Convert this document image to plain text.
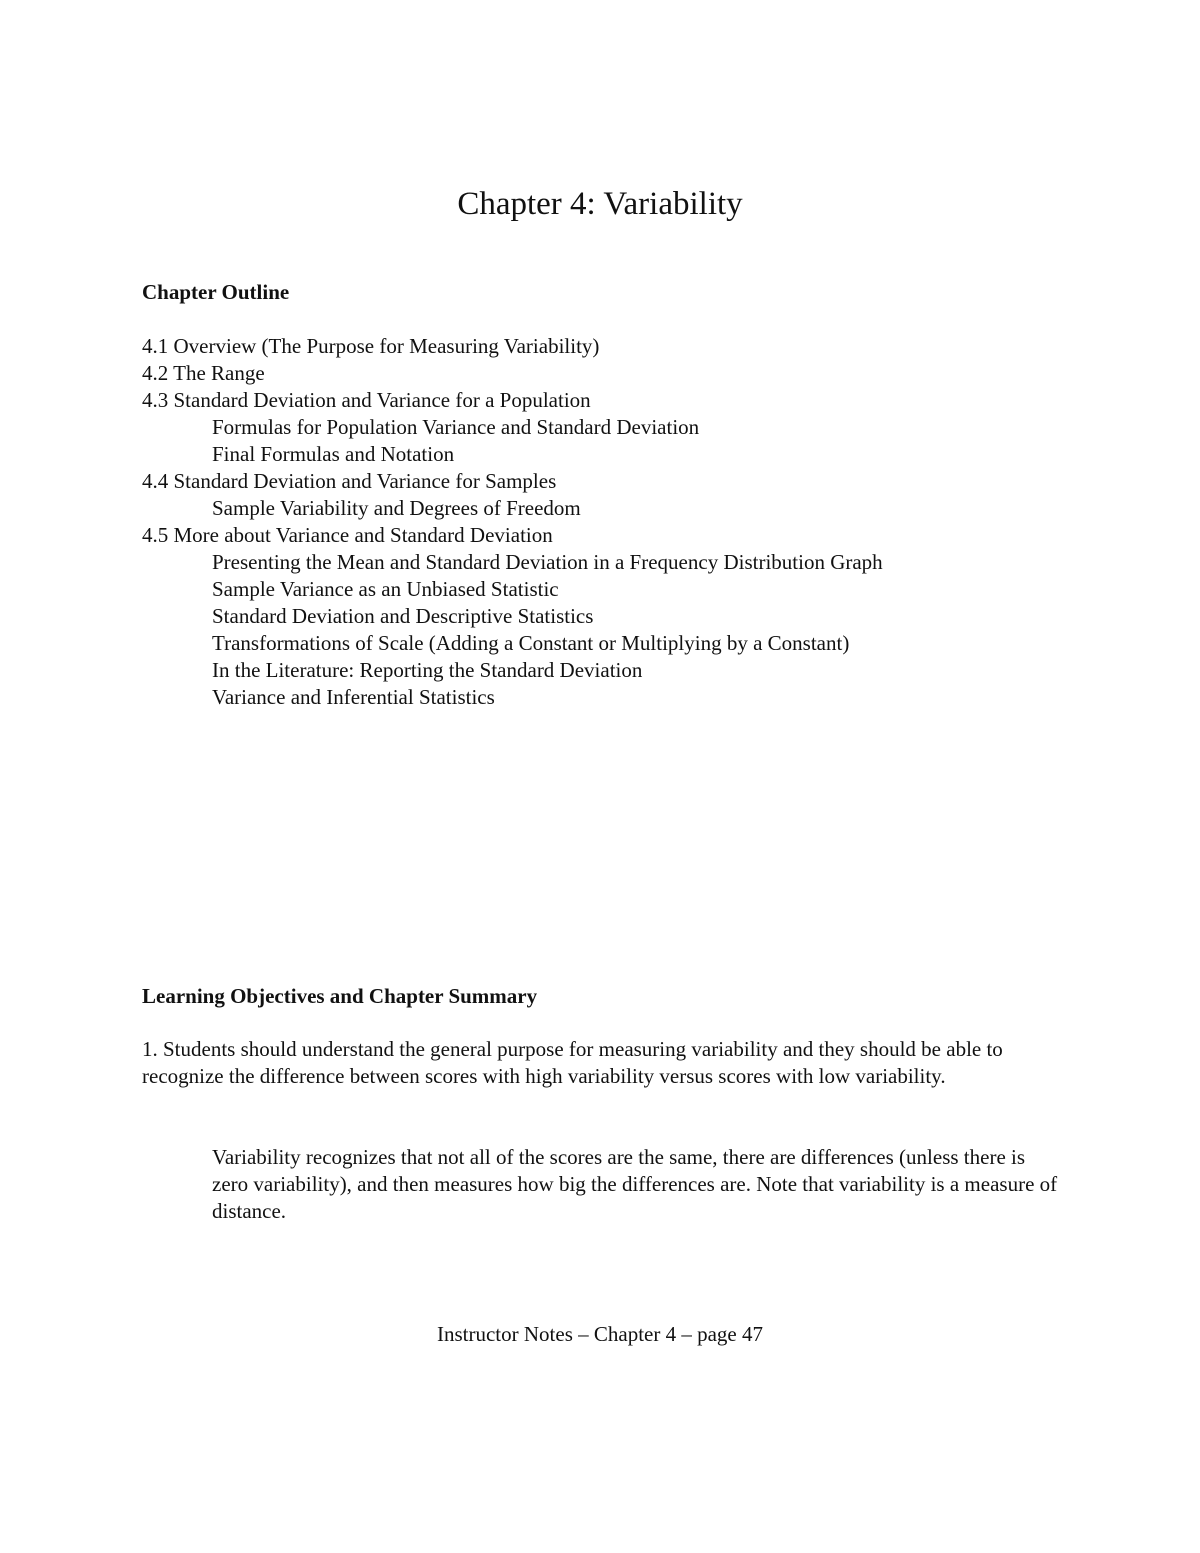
Chapter 4: Variability
Chapter Outline
4.1 Overview (The Purpose for Measuring Variability)
4.2 The Range
4.3 Standard Deviation and Variance for a Population
Formulas for Population Variance and Standard Deviation
Final Formulas and Notation
4.4 Standard Deviation and Variance for Samples
Sample Variability and Degrees of Freedom
4.5 More about Variance and Standard Deviation
Presenting the Mean and Standard Deviation in a Frequency Distribution Graph
Sample Variance as an Unbiased Statistic
Standard Deviation and Descriptive Statistics
Transformations of Scale (Adding a Constant or Multiplying by a Constant)
In the Literature: Reporting the Standard Deviation
Variance and Inferential Statistics
Learning Objectives and Chapter Summary

1. Students should understand the general purpose for measuring variability and they should be able to recognize the difference between scores with high variability versus scores with low variability.

Variability recognizes that not all of the scores are the same, there are differences (unless there is zero variability), and then measures how big the differences are. Note that variability is a measure of distance.

Instructor Notes – Chapter 4 – page 47
